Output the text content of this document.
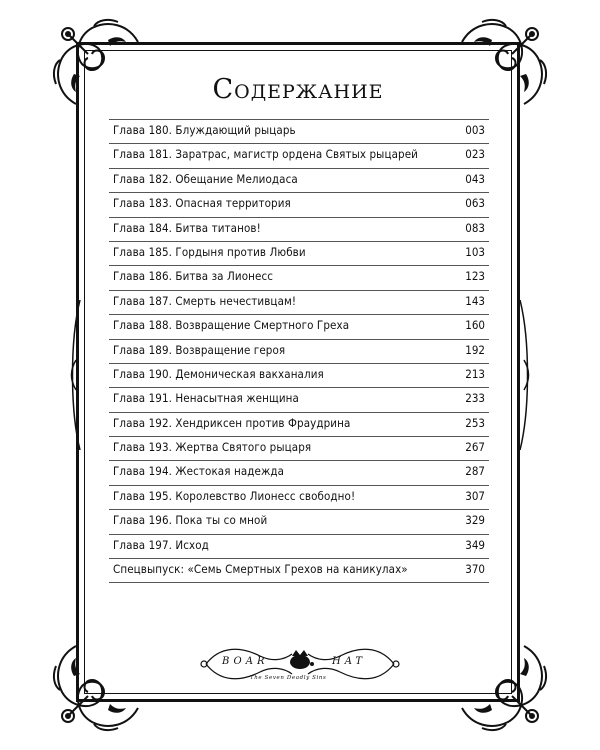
Содержание
Глава 180. Блуждающий рыцарь	003
Глава 181. Заратрас, магистр ордена Святых рыцарей	023
Глава 182. Обещание Мелиодаса	043
Глава 183. Опасная территория	063
Глава 184. Битва титанов!	083
Глава 185. Гордыня против Любви	103
Глава 186. Битва за Лионесс	123
Глава 187. Смерть нечестивцам!	143
Глава 188. Возвращение Смертного Греха	160
Глава 189. Возвращение героя	192
Глава 190. Демоническая вакханалия	213
Глава 191. Ненасытная женщина	233
Глава 192. Хендриксен против Фраудрина	253
Глава 193. Жертва Святого рыцаря	267
Глава 194. Жестокая надежда	287
Глава 195. Королевство Лионесс свободно!	307
Глава 196. Пока ты со мной	329
Глава 197. Исход	349
Спецвыпуск: «Семь Смертных Грехов на каникулах»	370
BOAR	HAT
The Seven Deadly Sins
